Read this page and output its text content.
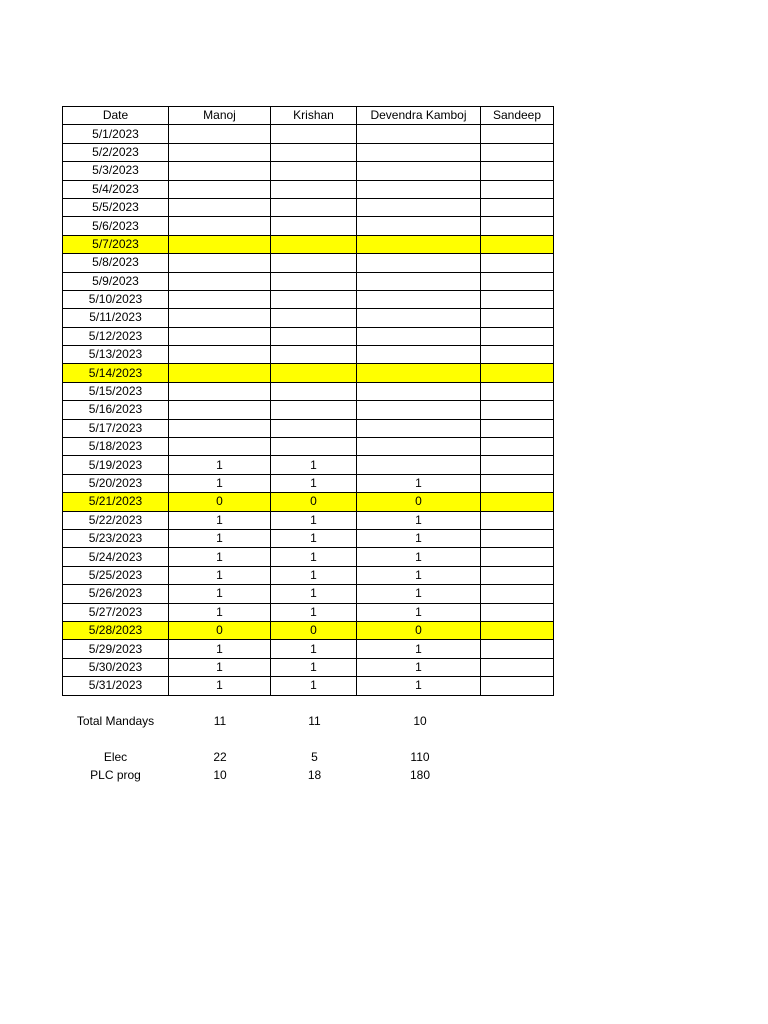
Date	Manoj	Krishan	Devendra Kamboj	Sandeep
5/1/2023				
5/2/2023				
5/3/2023				
5/4/2023				
5/5/2023				
5/6/2023				
5/7/2023				
5/8/2023				
5/9/2023				
5/10/2023				
5/11/2023				
5/12/2023				
5/13/2023				
5/14/2023				
5/15/2023				
5/16/2023				
5/17/2023				
5/18/2023				
5/19/2023	1	1		
5/20/2023	1	1	1	
5/21/2023	0	0	0	
5/22/2023	1	1	1	
5/23/2023	1	1	1	
5/24/2023	1	1	1	
5/25/2023	1	1	1	
5/26/2023	1	1	1	
5/27/2023	1	1	1	
5/28/2023	0	0	0	
5/29/2023	1	1	1	
5/30/2023	1	1	1	
5/31/2023	1	1	1	
Total Mandays	11	11	10	
Elec	22	5	110	
PLC prog	10	18	180	
